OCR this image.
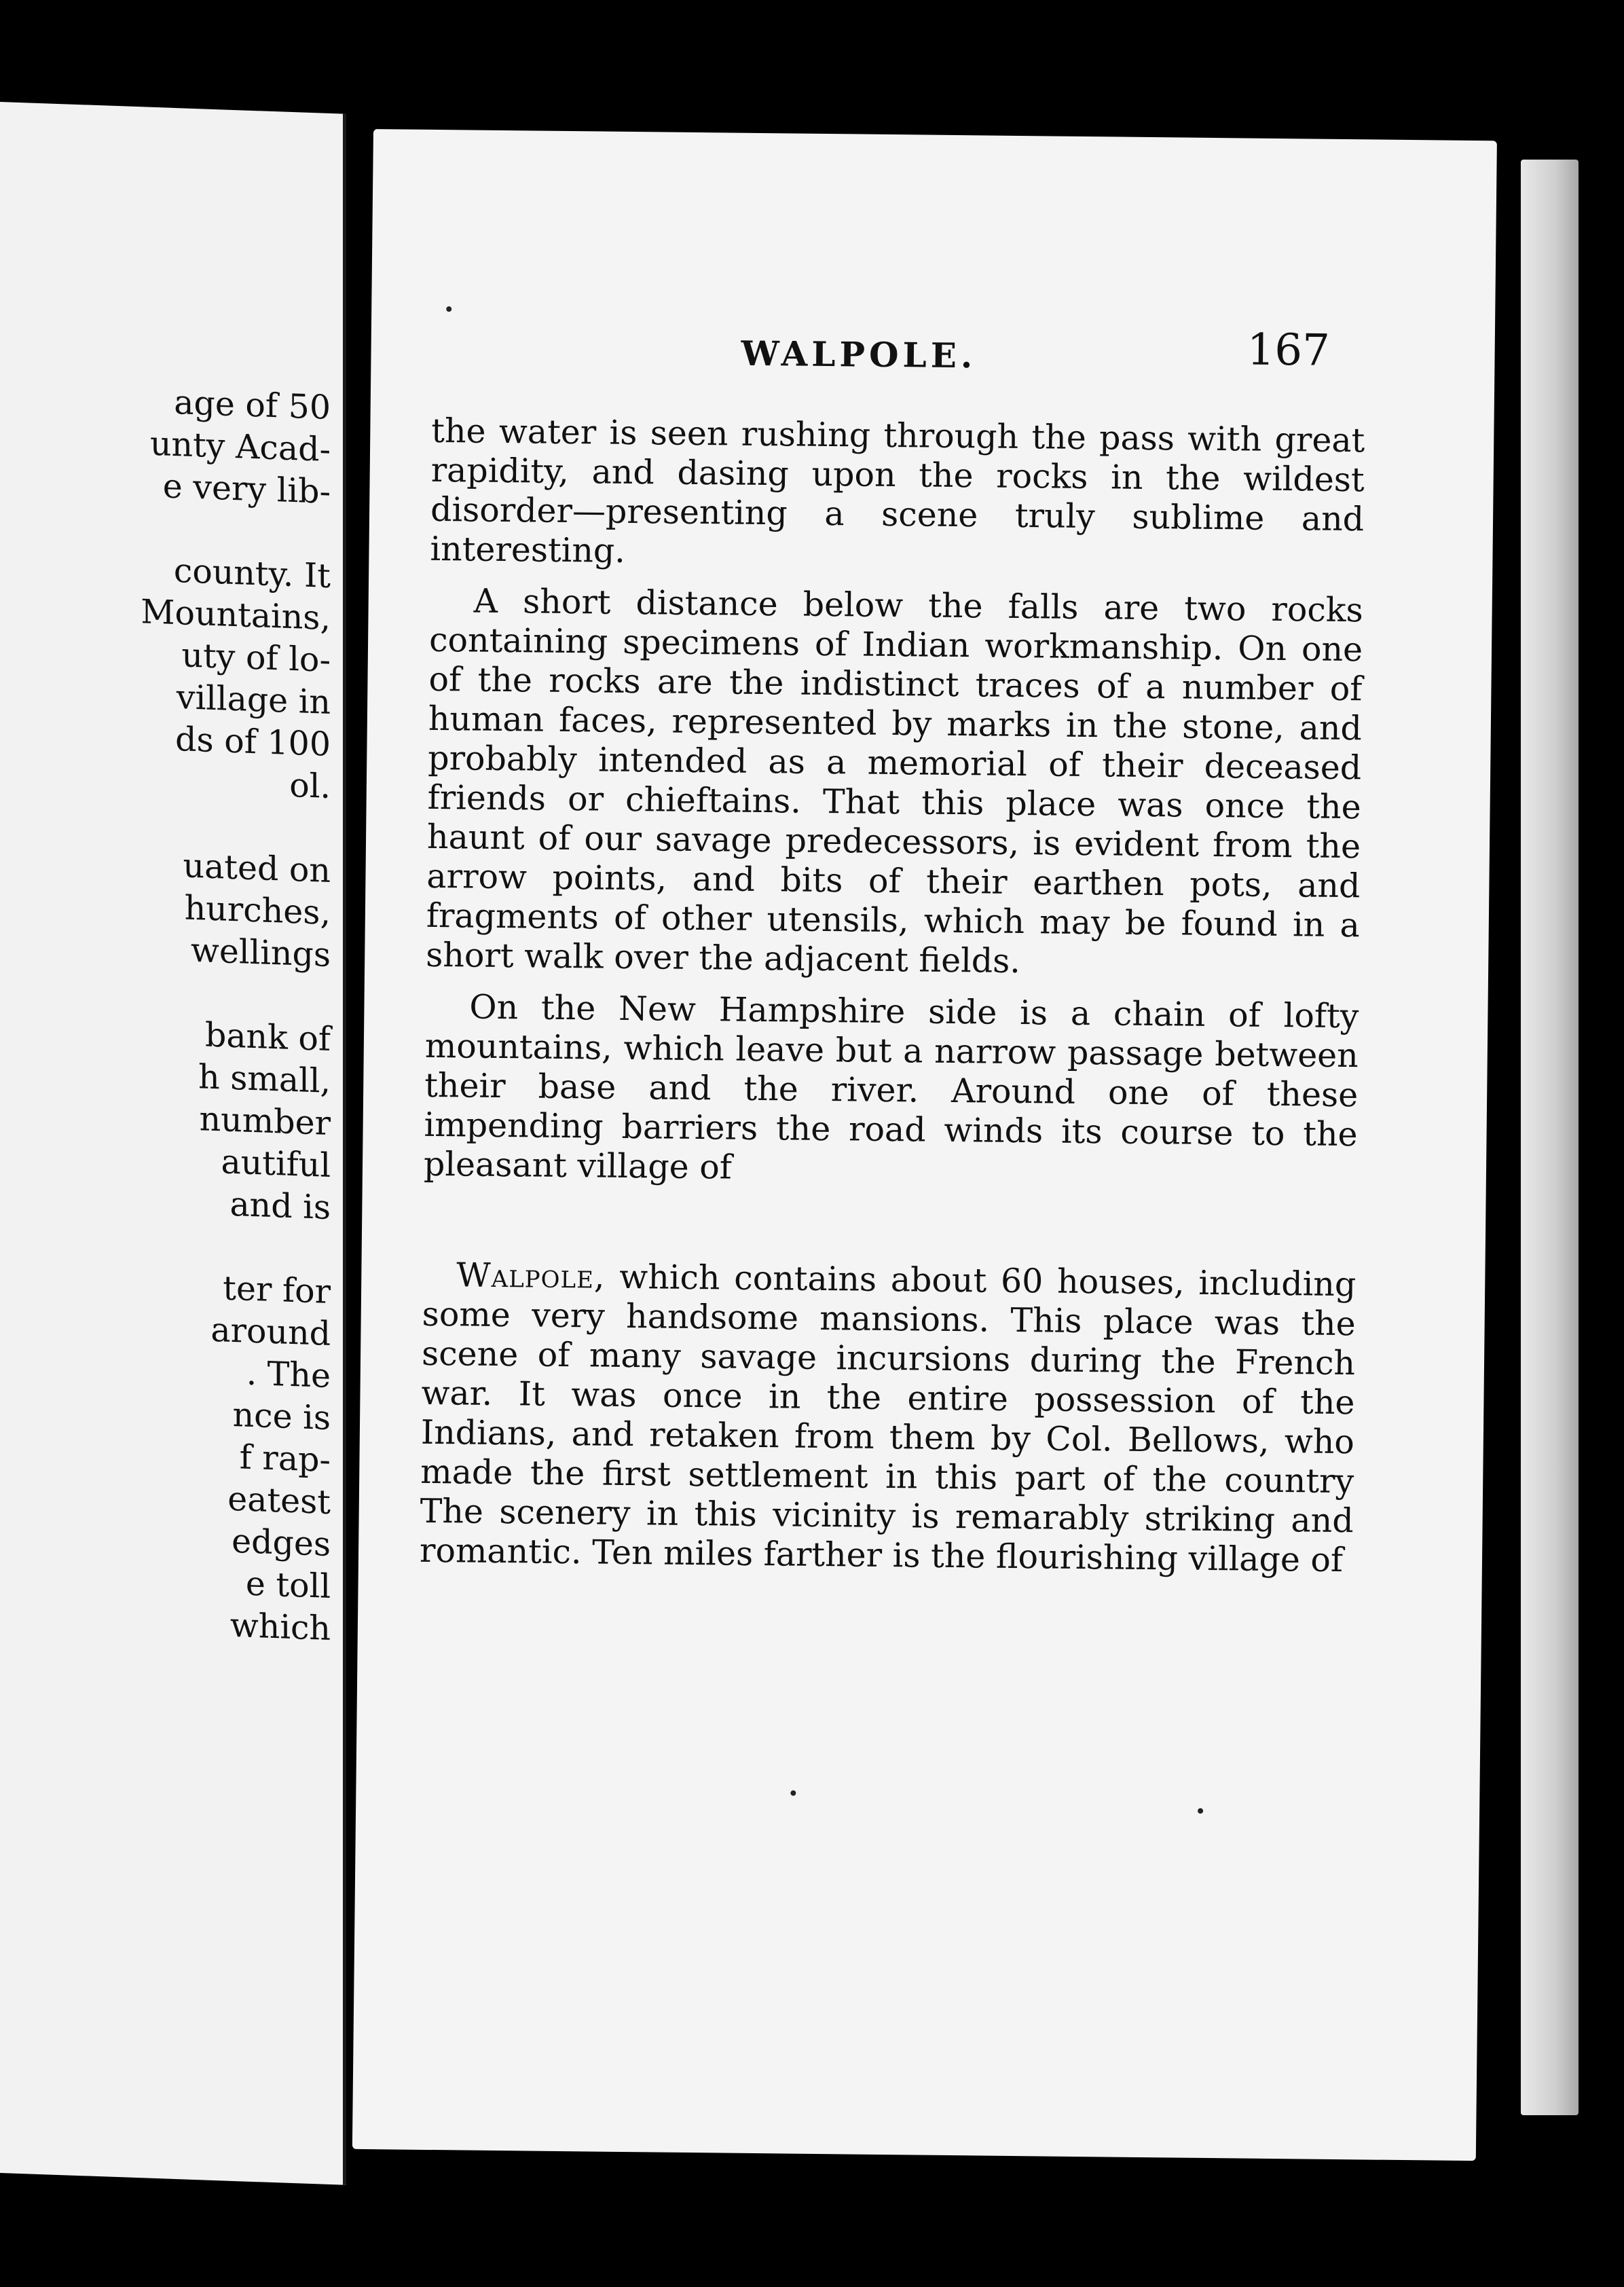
age of 50
unty Acad-
e very lib-
county. It
Mountains,
uty of lo-
village in
ds of 100
ol.
uated on
hurches,
wellings
bank of
h small,
number
autiful
and is
ter for
around
. The
nce is
f rap-
eatest
edges
e toll
which
WALPOLE.	167

the water is seen rushing through the pass with great rapidity, and dasing upon the rocks in the wildest disorder—presenting a scene truly sublime and interesting.

A short distance below the falls are two rocks containing specimens of Indian workmanship. On one of the rocks are the indistinct traces of a number of human faces, represented by marks in the stone, and probably intended as a memorial of their deceased friends or chieftains. That this place was once the haunt of our savage predecessors, is evident from the arrow points, and bits of their earthen pots, and fragments of other utensils, which may be found in a short walk over the adjacent fields.

On the New Hampshire side is a chain of lofty mountains, which leave but a narrow passage between their base and the river. Around one of these impending barriers the road winds its course to the pleasant village of

Walpole, which contains about 60 houses, including some very handsome mansions. This place was the scene of many savage incursions during the French war. It was once in the entire possession of the Indians, and retaken from them by Col. Bellows, who made the first settlement in this part of the country The scenery in this vicinity is remarably striking and romantic. Ten miles farther is the flourishing village of
